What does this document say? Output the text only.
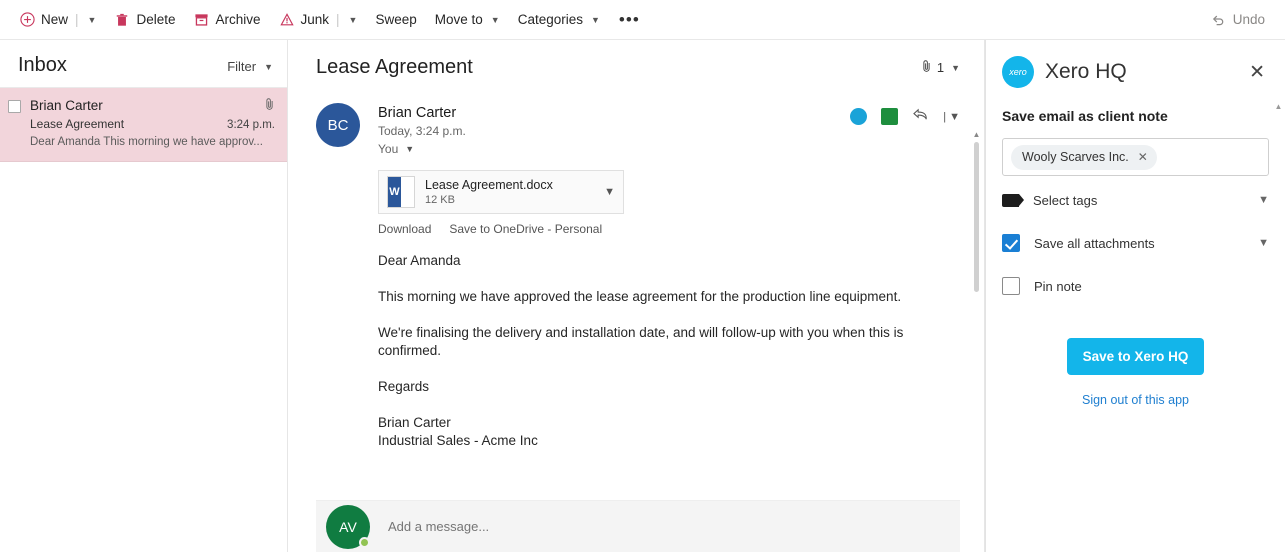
New | ▼	Delete	Archive	Junk | ▼ Sweep Move to ▼ Categories ▼	•••	Undo
Inbox	Filter ▼
Brian Carter
Lease Agreement	3:24 p.m.
Dear Amanda This morning we have approv...
Lease Agreement	1 ▼
BC
Brian Carter
Today, 3:24 p.m.
You ▼
| ▼
W
Lease Agreement.docx
12 KB
▼
Download Save to OneDrive - Personal

Dear Amanda

This morning we have approved the lease agreement for the production line equipment.

We're finalising the delivery and installation date, and will follow-up with you when this is confirmed.

Regards

Brian Carter

Industrial Sales - Acme Inc

AV
Add a message...
▲
xero Xero HQ	✕
Save email as client note
Wooly Scarves Inc. ✕
Select tags	▼
Save all attachments	▼
Pin note
Save to Xero HQ
Sign out of this app
▲
